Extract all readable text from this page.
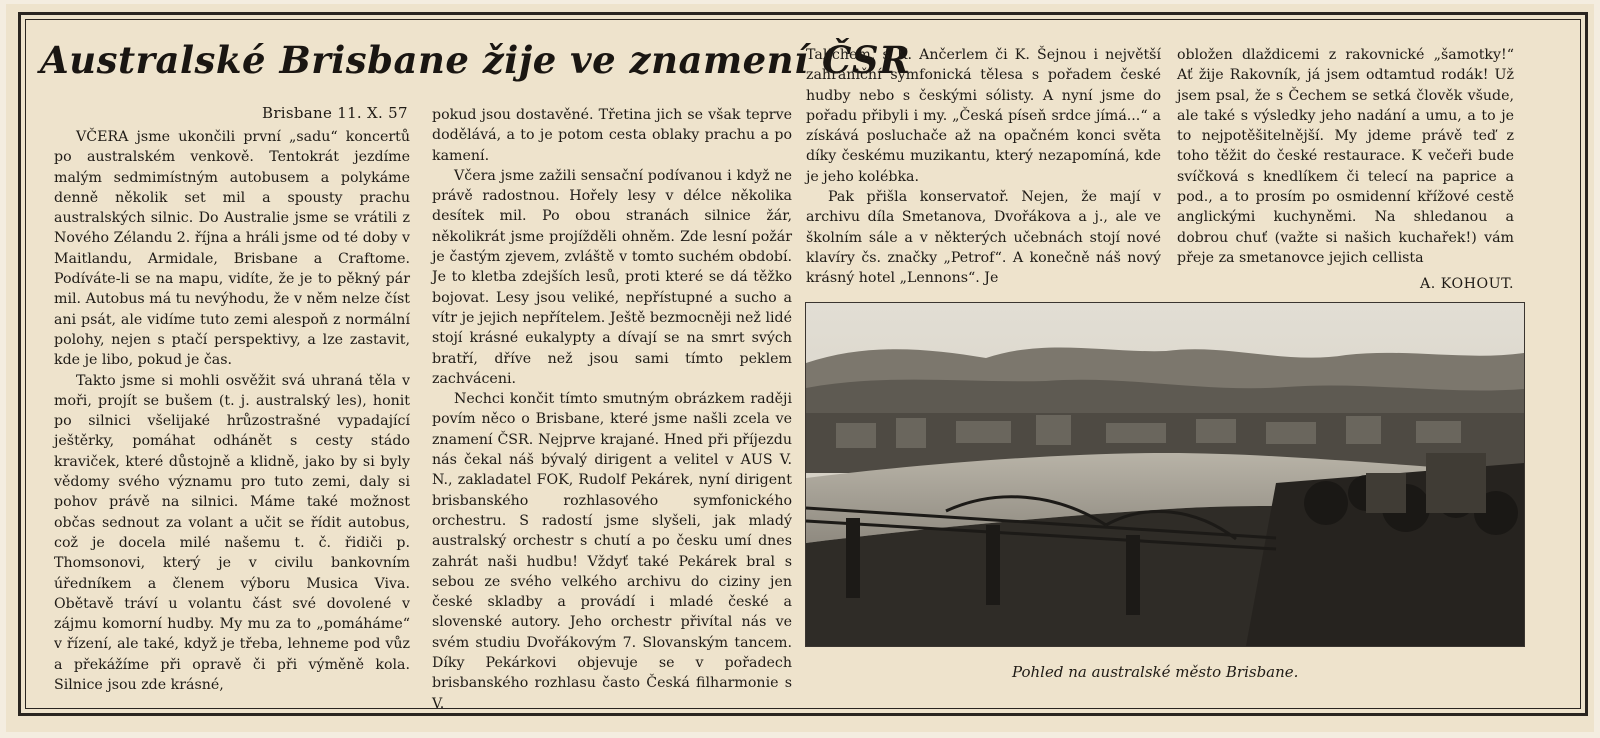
Australské Brisbane žije ve znamení ČSR
Brisbane 11. X. 57

VČERA jsme ukončili první „sadu“ koncertů po australském venkově. Tentokrát jezdíme malým sedmimístným autobusem a polykáme denně několik set mil a spousty prachu australských silnic. Do Australie jsme se vrátili z Nového Zélandu 2. října a hráli jsme od té doby v Maitlandu, Armidale, Brisbane a Craftome. Podíváte-li se na mapu, vidíte, že je to pěkný pár mil. Autobus má tu nevýhodu, že v něm nelze číst ani psát, ale vidíme tuto zemi alespoň z normální polohy, nejen s ptačí perspektivy, a lze zastavit, kde je libo, pokud je čas.

Takto jsme si mohli osvěžit svá uhraná těla v moři, projít se bušem (t. j. australský les), honit po silnici všelijaké hrůzostrašné vypadající ještěrky, pomáhat odhánět s cesty stádo kraviček, které důstojně a klidně, jako by si byly vědomy svého významu pro tuto zemi, daly si pohov právě na silnici. Máme také možnost občas sednout za volant a učit se řídit autobus, což je docela milé našemu t. č. řidiči p. Thomsonovi, který je v civilu bankovním úředníkem a členem výboru Musica Viva. Obětavě tráví u volantu část své dovolené v zájmu komorní hudby. My mu za to „pomáháme“ v řízení, ale také, když je třeba, lehneme pod vůz a překážíme při opravě či při výměně kola. Silnice jsou zde krásné,

pokud jsou dostavěné. Třetina jich se však teprve dodělává, a to je potom cesta oblaky prachu a po kamení.

Včera jsme zažili sensační podívanou i když ne právě radostnou. Hořely lesy v délce několika desítek mil. Po obou stranách silnice žár, několikrát jsme projížděli ohněm. Zde lesní požár je častým zjevem, zvláště v tomto suchém období. Je to kletba zdejších lesů, proti které se dá těžko bojovat. Lesy jsou veliké, nepřístupné a sucho a vítr je jejich nepřítelem. Ještě bezmocněji než lidé stojí krásné eukalypty a dívají se na smrt svých bratří, dříve než jsou sami tímto peklem zachváceni.

Nechci končit tímto smutným obrázkem raději povím něco o Brisbane, které jsme našli zcela ve znamení ČSR. Nejprve krajané. Hned při příjezdu nás čekal náš bývalý dirigent a velitel v AUS V. N., zakladatel FOK, Rudolf Pekárek, nyní dirigent brisbanského rozhlasového symfonického orchestru. S radostí jsme slyšeli, jak mladý australský orchestr s chutí a po česku umí dnes zahrát naši hudbu! Vždyť také Pekárek bral s sebou ze svého velkého archivu do ciziny jen české skladby a provádí i mladé české a slovenské autory. Jeho orchestr přivítal nás ve svém studiu Dvořákovým 7. Slovanským tancem. Díky Pekárkovi objevuje se v pořadech brisbanského rozhlasu často Česká filharmonie s V.

Talichem, s K. Ančerlem či K. Šejnou i největší zahraniční symfonická tělesa s pořadem české hudby nebo s českými sólisty. A nyní jsme do pořadu přibyli i my. „Česká píseň srdce jímá...“ a získává posluchače až na opačném konci světa díky českému muzikantu, který nezapomíná, kde je jeho kolébka.

Pak přišla konservatoř. Nejen, že mají v archivu díla Smetanova, Dvořákova a j., ale ve školním sále a v některých učebnách stojí nové klavíry čs. značky „Petrof“. A konečně náš nový krásný hotel „Lennons“. Je

obložen dlaždicemi z rakovnické „šamotky!“ Ať žije Rakovník, já jsem odtamtud rodák! Už jsem psal, že s Čechem se setká člověk všude, ale také s výsledky jeho nadání a umu, a to je to nejpotěšitelnější. My jdeme právě teď z toho těžit do české restaurace. K večeři bude svíčková s knedlíkem či telecí na paprice a pod., a to prosím po osmidenní křížové cestě anglickými kuchyněmi. Na shledanou a dobrou chuť (važte si našich kuchařek!) vám přeje za smetanovce jejich cellista

A. KOHOUT.
Pohled na australské město Brisbane.
